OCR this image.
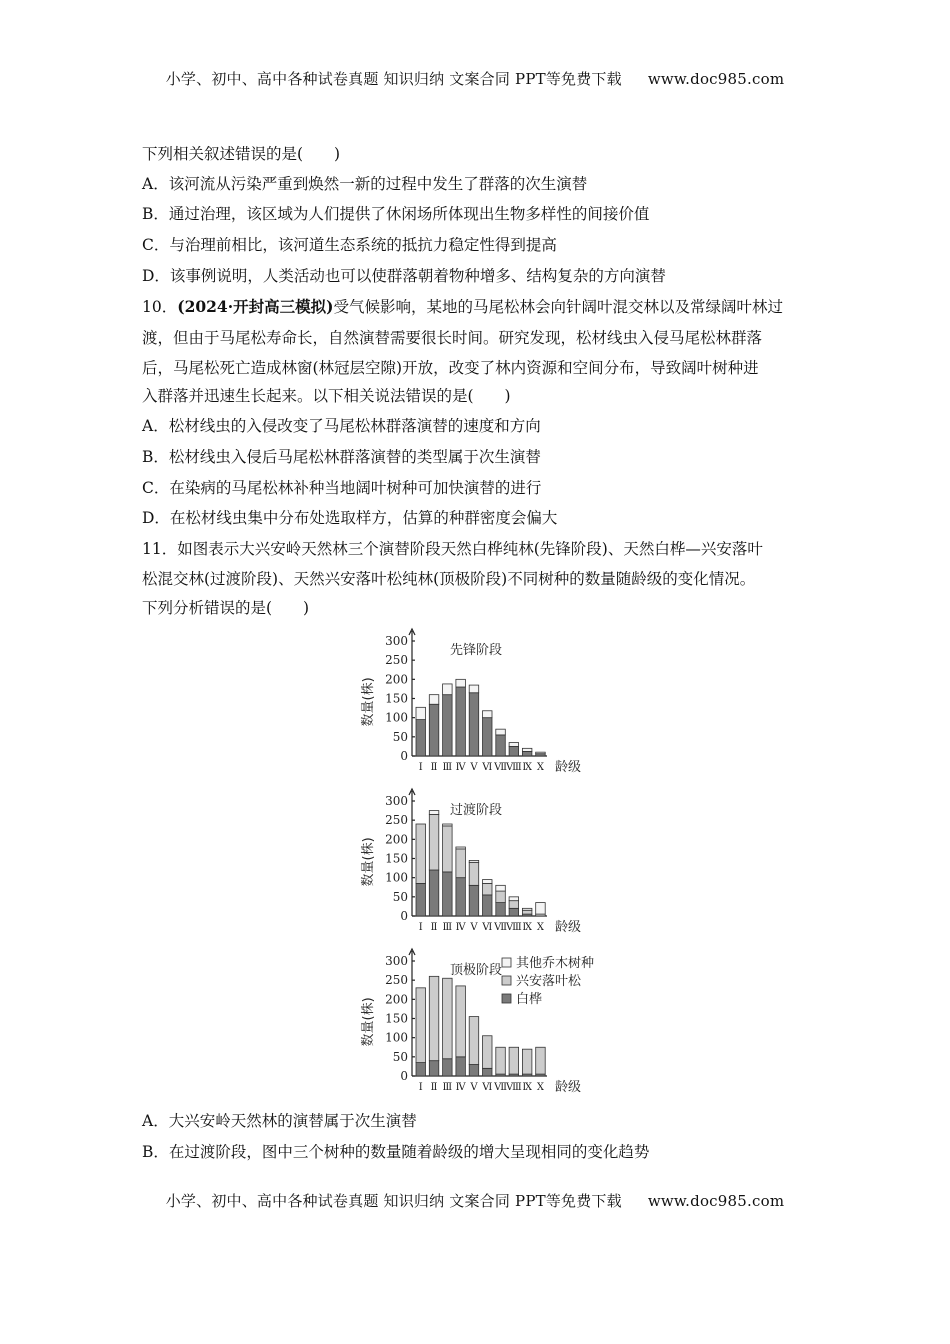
小学、初中、高中各种试卷真题 知识归纳 文案合同 PPT等免费下载 www.doc985.com
下列相关叙述错误的是(　　)
A．该河流从污染严重到焕然一新的过程中发生了群落的次生演替
B．通过治理，该区域为人们提供了休闲场所体现出生物多样性的间接价值
C．与治理前相比，该河道生态系统的抵抗力稳定性得到提高
D．该事例说明，人类活动也可以使群落朝着物种增多、结构复杂的方向演替
10．(2024·开封高三模拟)受气候影响，某地的马尾松林会向针阔叶混交林以及常绿阔叶林过
渡，但由于马尾松寿命长，自然演替需要很长时间。研究发现，松材线虫入侵马尾松林群落
后，马尾松死亡造成林窗(林冠层空隙)开放，改变了林内资源和空间分布，导致阔叶树种进
入群落并迅速生长起来。以下相关说法错误的是(　　)
A．松材线虫的入侵改变了马尾松林群落演替的速度和方向
B．松材线虫入侵后马尾松林群落演替的类型属于次生演替
C．在染病的马尾松林补种当地阔叶树种可加快演替的进行
D．在松材线虫集中分布处选取样方，估算的种群密度会偏大
11．如图表示大兴安岭天然林三个演替阶段天然白桦纯林(先锋阶段)、天然白桦—兴安落叶
松混交林(过渡阶段)、天然兴安落叶松纯林(顶极阶段)不同树种的数量随龄级的变化情况。
下列分析错误的是(　　)
数量(株)
0
50
100
150
200
250
300
Ⅰ Ⅱ Ⅲ Ⅳ Ⅴ Ⅵ Ⅶ
Ⅷ Ⅸ Ⅹ 龄级
先锋阶段
数量(株)
0
50
100
150
200
250
300
Ⅰ Ⅱ Ⅲ Ⅳ Ⅴ Ⅵ Ⅶ
Ⅷ Ⅸ Ⅹ 龄级
过渡阶段
数量(株)
0
50
100
150
200
250
300
Ⅰ Ⅱ Ⅲ Ⅳ Ⅴ Ⅵ Ⅶ
Ⅷ Ⅸ Ⅹ 龄级
顶极阶段 其他乔木树种
兴安落叶松
白桦
A．大兴安岭天然林的演替属于次生演替
B．在过渡阶段，图中三个树种的数量随着龄级的增大呈现相同的变化趋势
小学、初中、高中各种试卷真题 知识归纳 文案合同 PPT等免费下载 www.doc985.com
